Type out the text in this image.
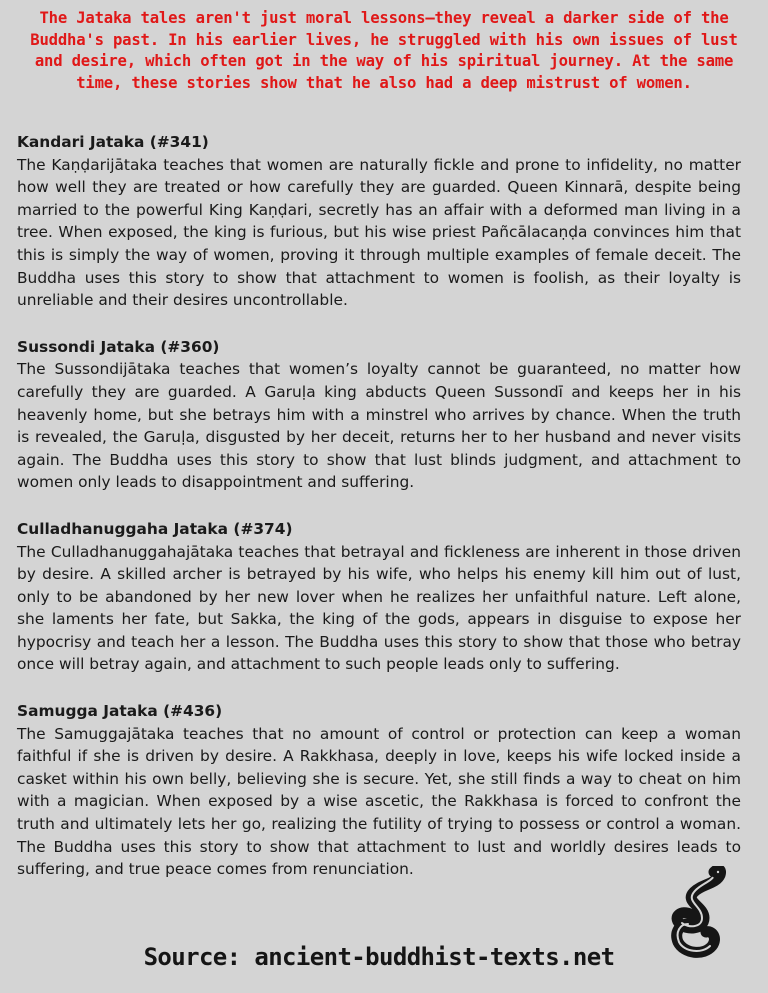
The Jataka tales aren't just moral lessons—they reveal a darker side of the Buddha's past. In his earlier lives, he struggled with his own issues of lust and desire, which often got in the way of his spiritual journey. At the same time, these stories show that he also had a deep mistrust of women.

Kandari Jataka (#341)

The Kaṇḍarijātaka teaches that women are naturally fickle and prone to infidelity, no matter how well they are treated or how carefully they are guarded. Queen Kinnarā, despite being married to the powerful King Kaṇḍari, secretly has an affair with a deformed man living in a tree. When exposed, the king is furious, but his wise priest Pañcālacaṇḍa convinces him that this is simply the way of women, proving it through multiple examples of female deceit. The Buddha uses this story to show that attachment to women is foolish, as their loyalty is unreliable and their desires uncontrollable.

Sussondi Jataka (#360)

The Sussondijātaka teaches that women’s loyalty cannot be guaranteed, no matter how carefully they are guarded. A Garuḷa king abducts Queen Sussondī and keeps her in his heavenly home, but she betrays him with a minstrel who arrives by chance. When the truth is revealed, the Garuḷa, disgusted by her deceit, returns her to her husband and never visits again. The Buddha uses this story to show that lust blinds judgment, and attachment to women only leads to disappointment and suffering.

Culladhanuggaha Jataka (#374)

The Culladhanuggahajātaka teaches that betrayal and fickleness are inherent in those driven by desire. A skilled archer is betrayed by his wife, who helps his enemy kill him out of lust, only to be abandoned by her new lover when he realizes her unfaithful nature. Left alone, she laments her fate, but Sakka, the king of the gods, appears in disguise to expose her hypocrisy and teach her a lesson. The Buddha uses this story to show that those who betray once will betray again, and attachment to such people leads only to suffering.

Samugga Jataka (#436)

The Samuggajātaka teaches that no amount of control or protection can keep a woman faithful if she is driven by desire. A Rakkhasa, deeply in love, keeps his wife locked inside a casket within his own belly, believing she is secure. Yet, she still finds a way to cheat on him with a magician. When exposed by a wise ascetic, the Rakkhasa is forced to confront the truth and ultimately lets her go, realizing the futility of trying to possess or control a woman. The Buddha uses this story to show that attachment to lust and worldly desires leads to suffering, and true peace comes from renunciation.

Source: ancient-buddhist-texts.net
